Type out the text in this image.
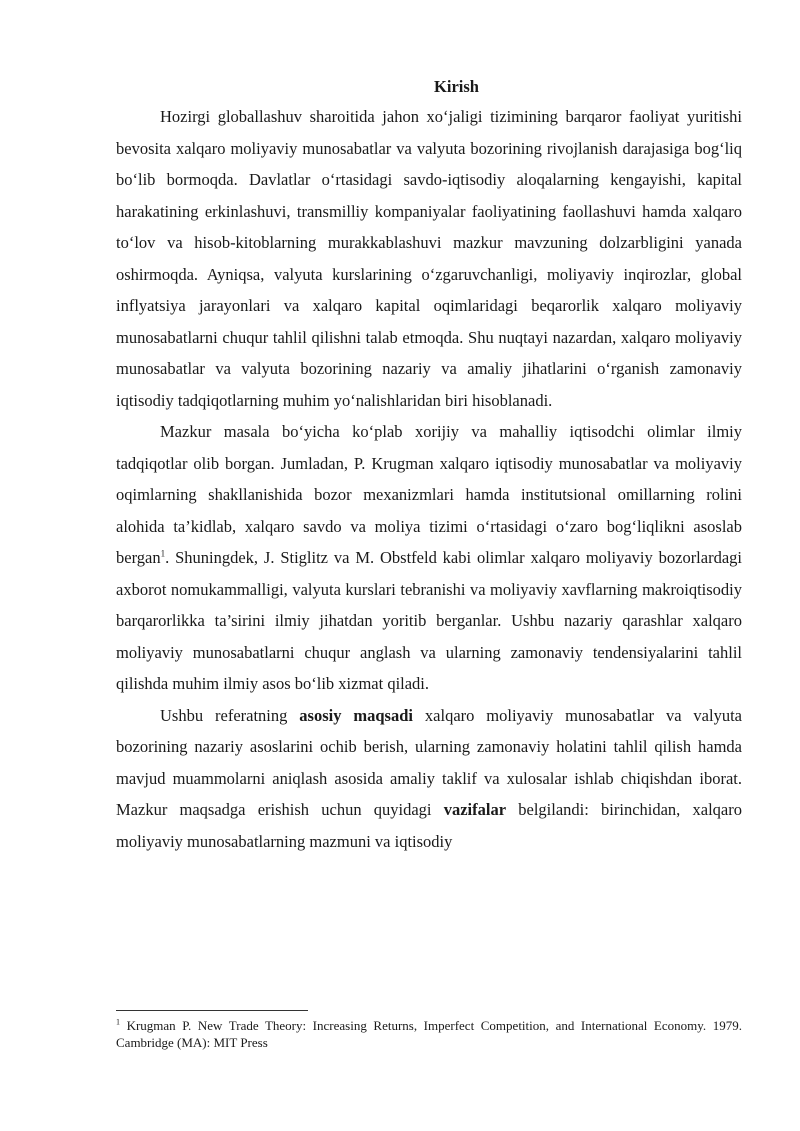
Kirish

Hozirgi globallashuv sharoitida jahon xo‘jaligi tizimining barqaror faoliyat yuritishi bevosita xalqaro moliyaviy munosabatlar va valyuta bozorining rivojlanish darajasiga bog‘liq bo‘lib bormoqda. Davlatlar o‘rtasidagi savdo-iqtisodiy aloqalarning kengayishi, kapital harakatining erkinlashuvi, transmilliy kompaniyalar faoliyatining faollashuvi hamda xalqaro to‘lov va hisob-kitoblarning murakkablashuvi mazkur mavzuning dolzarbligini yanada oshirmoqda. Ayniqsa, valyuta kurslarining o‘zgaruvchanligi, moliyaviy inqirozlar, global inflyatsiya jarayonlari va xalqaro kapital oqimlaridagi beqarorlik xalqaro moliyaviy munosabatlarni chuqur tahlil qilishni talab etmoqda. Shu nuqtayi nazardan, xalqaro moliyaviy munosabatlar va valyuta bozorining nazariy va amaliy jihatlarini o‘rganish zamonaviy iqtisodiy tadqiqotlarning muhim yo‘nalishlaridan biri hisoblanadi.

Mazkur masala bo‘yicha ko‘plab xorijiy va mahalliy iqtisodchi olimlar ilmiy tadqiqotlar olib borgan. Jumladan, P. Krugman xalqaro iqtisodiy munosabatlar va moliyaviy oqimlarning shakllanishida bozor mexanizmlari hamda institutsional omillarning rolini alohida ta’kidlab, xalqaro savdo va moliya tizimi o‘rtasidagi o‘zaro bog‘liqlikni asoslab bergan$^1$. Shuningdek, J. Stiglitz va M. Obstfeld kabi olimlar xalqaro moliyaviy bozorlardagi axborot nomukammalligi, valyuta kurslari tebranishi va moliyaviy xavflarning makroiqtisodiy barqarorlikka ta’sirini ilmiy jihatdan yoritib berganlar. Ushbu nazariy qarashlar xalqaro moliyaviy munosabatlarni chuqur anglash va ularning zamonaviy tendensiyalarini tahlil qilishda muhim ilmiy asos bo‘lib xizmat qiladi.

Ushbu referatning asosiy maqsadi xalqaro moliyaviy munosabatlar va valyuta bozorining nazariy asoslarini ochib berish, ularning zamonaviy holatini tahlil qilish hamda mavjud muammolarni aniqlash asosida amaliy taklif va xulosalar ishlab chiqishdan iborat. Mazkur maqsadga erishish uchun quyidagi vazifalar belgilandi: birinchidan, xalqaro moliyaviy munosabatlarning mazmuni va iqtisodiy

$^1$ Krugman P. New Trade Theory: Increasing Returns, Imperfect Competition, and International Economy. 1979. Cambridge (MA): MIT Press
